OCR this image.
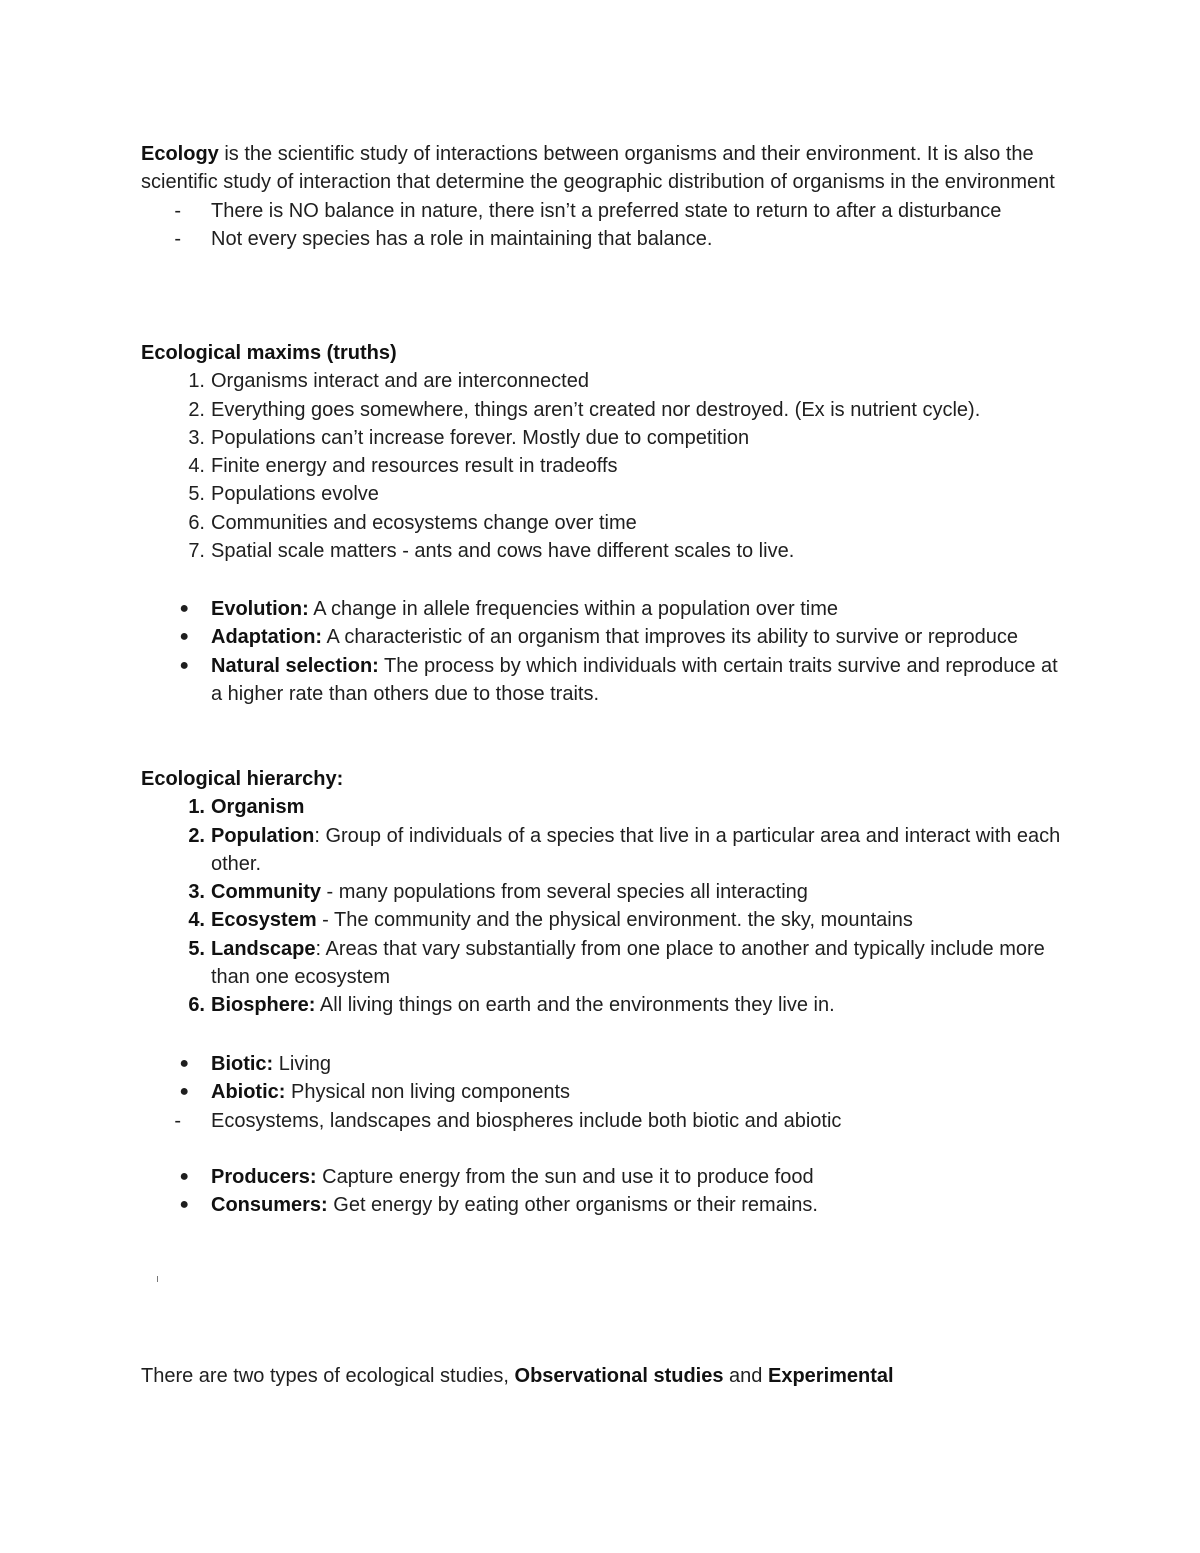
Ecology is the scientific study of interactions between organisms and their environment. It is also the scientific study of interaction that determine the geographic distribution of organisms in the environment

- There is NO balance in nature, there isn’t a preferred state to return to after a disturbance
- Not every species has a role in maintaining that balance.

Ecological maxims (truths)

1. Organisms interact and are interconnected
2. Everything goes somewhere, things aren’t created nor destroyed. (Ex is nutrient cycle).
3. Populations can’t increase forever. Mostly due to competition
4. Finite energy and resources result in tradeoffs
5. Populations evolve
6. Communities and ecosystems change over time
7. Spatial scale matters - ants and cows have different scales to live.
● Evolution: A change in allele frequencies within a population over time
● Adaptation: A characteristic of an organism that improves its ability to survive or reproduce
● Natural selection: The process by which individuals with certain traits survive and reproduce at a higher rate than others due to those traits.

Ecological hierarchy:

1. Organism
2. Population: Group of individuals of a species that live in a particular area and interact with each other.
3. Community - many populations from several species all interacting
4. Ecosystem - The community and the physical environment. the sky, mountains
5. Landscape: Areas that vary substantially from one place to another and typically include more than one ecosystem
6. Biosphere: All living things on earth and the environments they live in.
● Biotic: Living
● Abiotic: Physical non living components
- Ecosystems, landscapes and biospheres include both biotic and abiotic
● Producers: Capture energy from the sun and use it to produce food
● Consumers: Get energy by eating other organisms or their remains.

There are two types of ecological studies, Observational studies and Experimental
